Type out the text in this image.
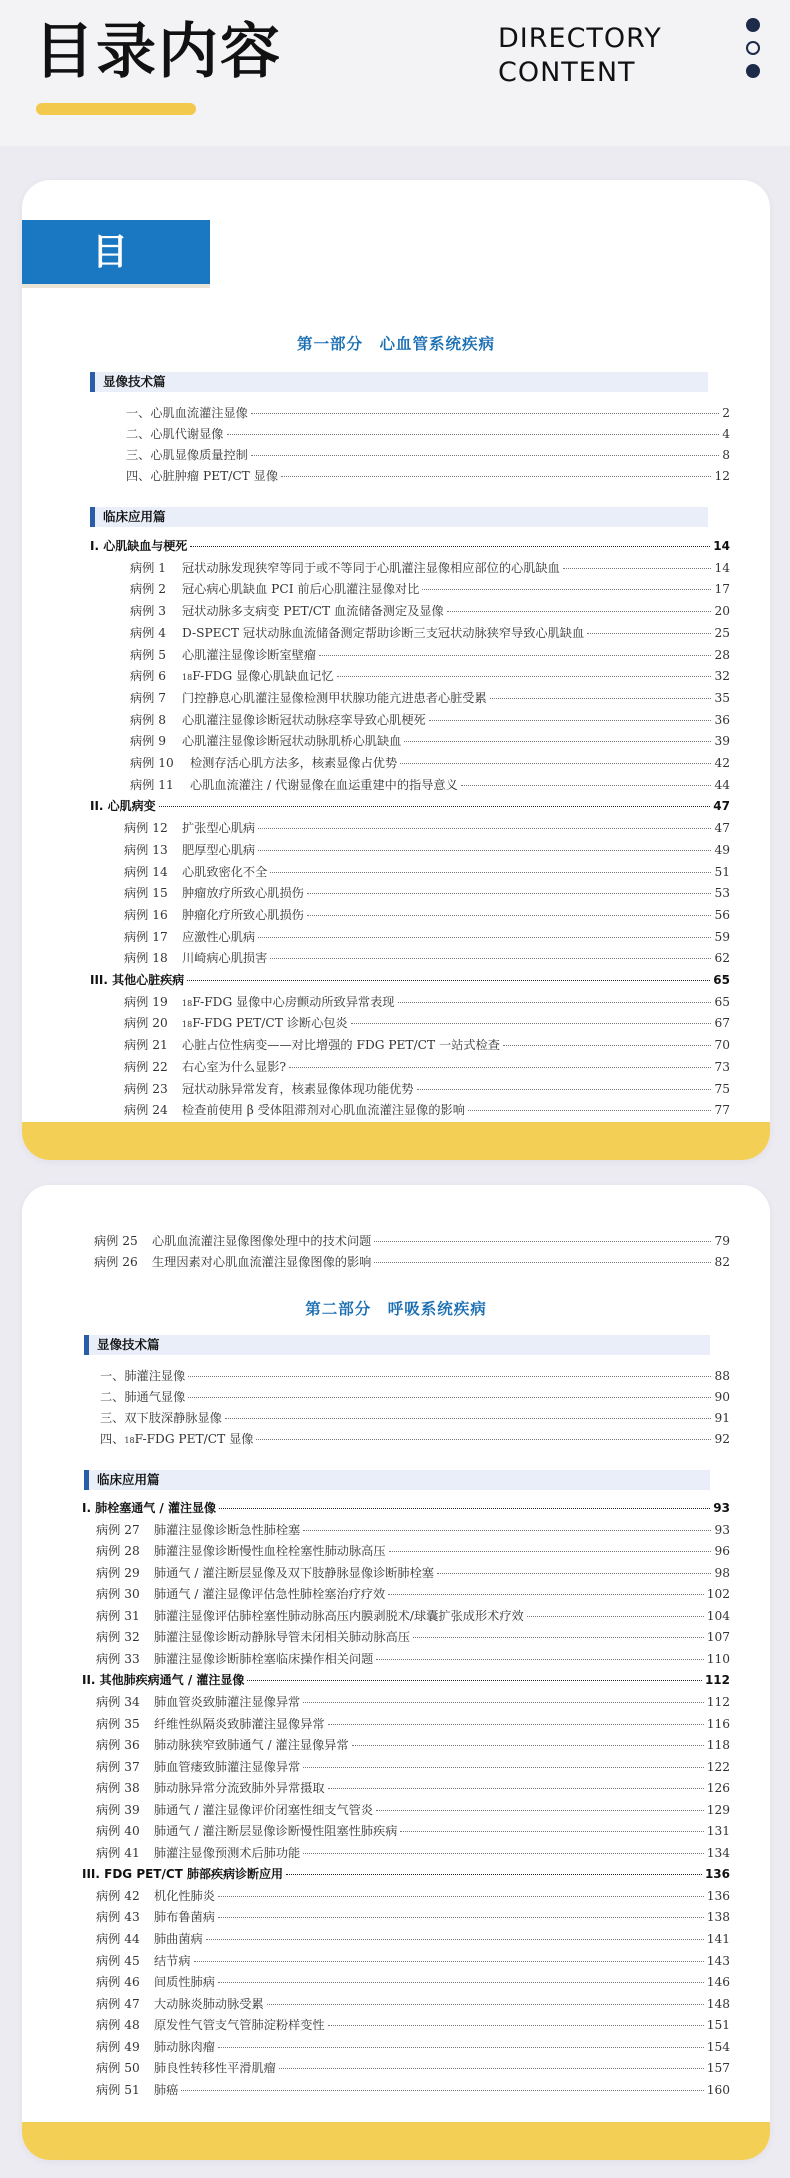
目录内容	DIRECTORY
CONTENT
目 录
第一部分　心血管系统疾病
显像技术篇
一、心肌血流灌注显像	2
二、心肌代谢显像	4
三、心肌显像质量控制	8
四、心脏肿瘤 PET/CT 显像	12
临床应用篇
I. 心肌缺血与梗死	14
病例 1	冠状动脉发现狭窄等同于或不等同于心肌灌注显像相应部位的心肌缺血	14
病例 2	冠心病心肌缺血 PCI 前后心肌灌注显像对比	17
病例 3	冠状动脉多支病变 PET/CT 血流储备测定及显像	20
病例 4	D-SPECT 冠状动脉血流储备测定帮助诊断三支冠状动脉狭窄导致心肌缺血	25
病例 5	心肌灌注显像诊断室壁瘤	28
病例 6	18 F-FDG 显像心肌缺血记忆	32
病例 7	门控静息心肌灌注显像检测甲状腺功能亢进患者心脏受累	35
病例 8	心肌灌注显像诊断冠状动脉痉挛导致心肌梗死	36
病例 9	心肌灌注显像诊断冠状动脉肌桥心肌缺血	39
病例 10	检测存活心肌方法多，核素显像占优势	42
病例 11	心肌血流灌注 / 代谢显像在血运重建中的指导意义	44
II. 心肌病变	47
病例 12	扩张型心肌病	47
病例 13	肥厚型心肌病	49
病例 14	心肌致密化不全	51
病例 15	肿瘤放疗所致心肌损伤	53
病例 16	肿瘤化疗所致心肌损伤	56
病例 17	应激性心肌病	59
病例 18	川崎病心肌损害	62
III. 其他心脏疾病	65
病例 19	18 F-FDG 显像中心房颤动所致异常表现	65
病例 20	18 F-FDG PET/CT 诊断心包炎	67
病例 21	心脏占位性病变——对比增强的 FDG PET/CT 一站式检查	70
病例 22	右心室为什么显影?	73
病例 23	冠状动脉异常发育，核素显像体现功能优势	75
病例 24	检查前使用 β 受体阻滞剂对心肌血流灌注显像的影响	77
病例 25	心肌血流灌注显像图像处理中的技术问题	79
病例 26	生理因素对心肌血流灌注显像图像的影响	82
第二部分　呼吸系统疾病
显像技术篇
一、肺灌注显像	88
二、肺通气显像	90
三、双下肢深静脉显像	91
四、 18 F-FDG PET/CT 显像	92
临床应用篇
I. 肺栓塞通气 / 灌注显像	93
病例 27	肺灌注显像诊断急性肺栓塞	93
病例 28	肺灌注显像诊断慢性血栓栓塞性肺动脉高压	96
病例 29	肺通气 / 灌注断层显像及双下肢静脉显像诊断肺栓塞	98
病例 30	肺通气 / 灌注显像评估急性肺栓塞治疗疗效	102
病例 31	肺灌注显像评估肺栓塞性肺动脉高压内膜剥脱术/球囊扩张成形术疗效	104
病例 32	肺灌注显像诊断动静脉导管未闭相关肺动脉高压	107
病例 33	肺灌注显像诊断肺栓塞临床操作相关问题	110
II. 其他肺疾病通气 / 灌注显像	112
病例 34	肺血管炎致肺灌注显像异常	112
病例 35	纤维性纵隔炎致肺灌注显像异常	116
病例 36	肺动脉狭窄致肺通气 / 灌注显像异常	118
病例 37	肺血管瘘致肺灌注显像异常	122
病例 38	肺动脉异常分流致肺外异常摄取	126
病例 39	肺通气 / 灌注显像评价闭塞性细支气管炎	129
病例 40	肺通气 / 灌注断层显像诊断慢性阻塞性肺疾病	131
病例 41	肺灌注显像预测术后肺功能	134
III. FDG PET/CT 肺部疾病诊断应用	136
病例 42	机化性肺炎	136
病例 43	肺布鲁菌病	138
病例 44	肺曲菌病	141
病例 45	结节病	143
病例 46	间质性肺病	146
病例 47	大动脉炎肺动脉受累	148
病例 48	原发性气管支气管肺淀粉样变性	151
病例 49	肺动脉肉瘤	154
病例 50	肺良性转移性平滑肌瘤	157
病例 51	肺癌	160
